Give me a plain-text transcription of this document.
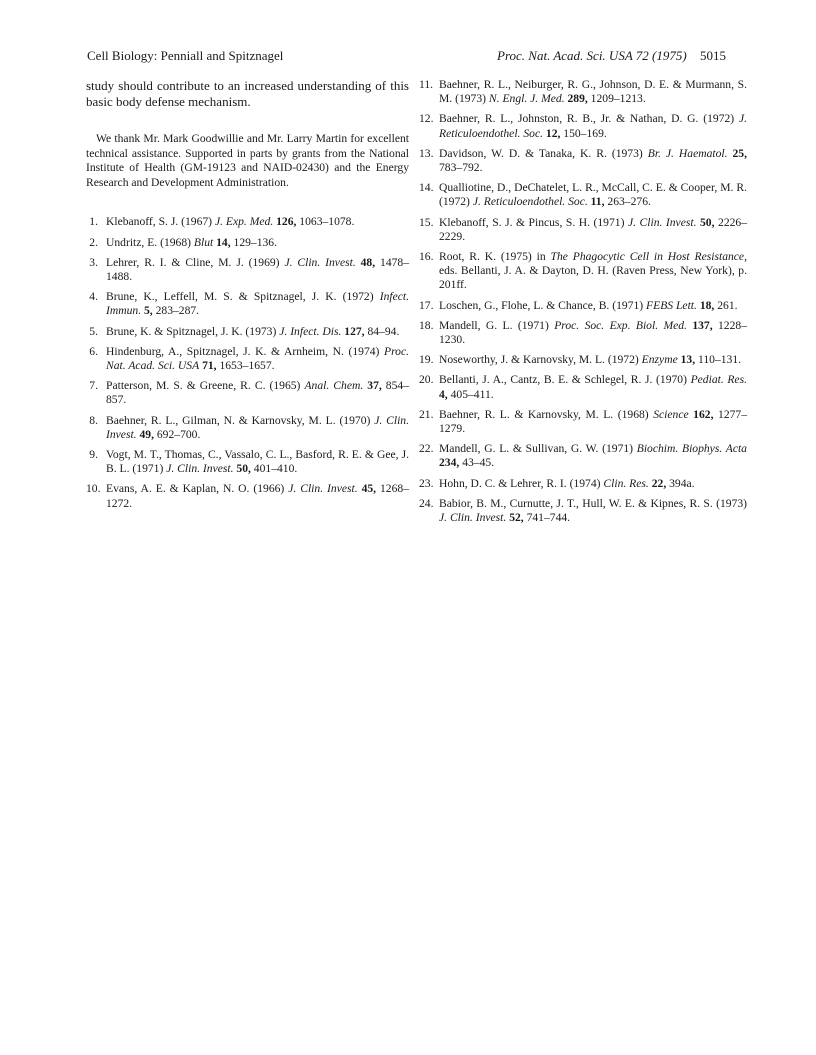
Cell Biology: Penniall and Spitznagel	Proc. Nat. Acad. Sci. USA 72 (1975) 5015

study should contribute to an increased understanding of this basic body defense mechanism.

We thank Mr. Mark Goodwillie and Mr. Larry Martin for excellent technical assistance. Supported in parts by grants from the National Institute of Health (GM-19123 and NAID-02430) and the Energy Research and Development Administration.

1. Klebanoff, S. J. (1967) J. Exp. Med. 126, 1063–1078.
2. Undritz, E. (1968) Blut 14, 129–136.
3. Lehrer, R. I. & Cline, M. J. (1969) J. Clin. Invest. 48, 1478–1488.
4. Brune, K., Leffell, M. S. & Spitznagel, J. K. (1972) Infect. Immun. 5, 283–287.
5. Brune, K. & Spitznagel, J. K. (1973) J. Infect. Dis. 127, 84–94.
6. Hindenburg, A., Spitznagel, J. K. & Arnheim, N. (1974) Proc. Nat. Acad. Sci. USA 71, 1653–1657.
7. Patterson, M. S. & Greene, R. C. (1965) Anal. Chem. 37, 854–857.
8. Baehner, R. L., Gilman, N. & Karnovsky, M. L. (1970) J. Clin. Invest. 49, 692–700.
9. Vogt, M. T., Thomas, C., Vassalo, C. L., Basford, R. E. & Gee, J. B. L. (1971) J. Clin. Invest. 50, 401–410.
10. Evans, A. E. & Kaplan, N. O. (1966) J. Clin. Invest. 45, 1268–1272.
11. Baehner, R. L., Neiburger, R. G., Johnson, D. E. & Murmann, S. M. (1973) N. Engl. J. Med. 289, 1209–1213.
12. Baehner, R. L., Johnston, R. B., Jr. & Nathan, D. G. (1972) J. Reticuloendothel. Soc. 12, 150–169.
13. Davidson, W. D. & Tanaka, K. R. (1973) Br. J. Haematol. 25, 783–792.
14. Qualliotine, D., DeChatelet, L. R., McCall, C. E. & Cooper, M. R. (1972) J. Reticuloendothel. Soc. 11, 263–276.
15. Klebanoff, S. J. & Pincus, S. H. (1971) J. Clin. Invest. 50, 2226–2229.
16. Root, R. K. (1975) in The Phagocytic Cell in Host Resistance, eds. Bellanti, J. A. & Dayton, D. H. (Raven Press, New York), p. 201ff.
17. Loschen, G., Flohe, L. & Chance, B. (1971) FEBS Lett. 18, 261.
18. Mandell, G. L. (1971) Proc. Soc. Exp. Biol. Med. 137, 1228–1230.
19. Noseworthy, J. & Karnovsky, M. L. (1972) Enzyme 13, 110–131.
20. Bellanti, J. A., Cantz, B. E. & Schlegel, R. J. (1970) Pediat. Res. 4, 405–411.
21. Baehner, R. L. & Karnovsky, M. L. (1968) Science 162, 1277–1279.
22. Mandell, G. L. & Sullivan, G. W. (1971) Biochim. Biophys. Acta 234, 43–45.
23. Hohn, D. C. & Lehrer, R. I. (1974) Clin. Res. 22, 394a.
24. Babior, B. M., Curnutte, J. T., Hull, W. E. & Kipnes, R. S. (1973) J. Clin. Invest. 52, 741–744.
